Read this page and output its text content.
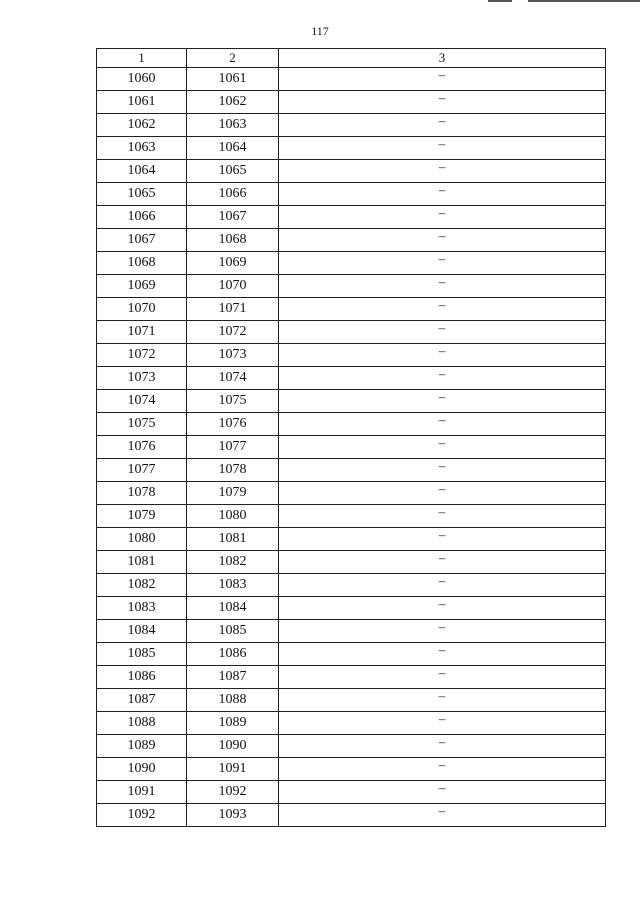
117
1	2	3
1060	1061	–
1061	1062	–
1062	1063	–
1063	1064	–
1064	1065	–
1065	1066	–
1066	1067	–
1067	1068	–
1068	1069	–
1069	1070	–
1070	1071	–
1071	1072	–
1072	1073	–
1073	1074	–
1074	1075	–
1075	1076	–
1076	1077	–
1077	1078	–
1078	1079	–
1079	1080	–
1080	1081	–
1081	1082	–
1082	1083	–
1083	1084	–
1084	1085	–
1085	1086	–
1086	1087	–
1087	1088	–
1088	1089	–
1089	1090	–
1090	1091	–
1091	1092	–
1092	1093	–
